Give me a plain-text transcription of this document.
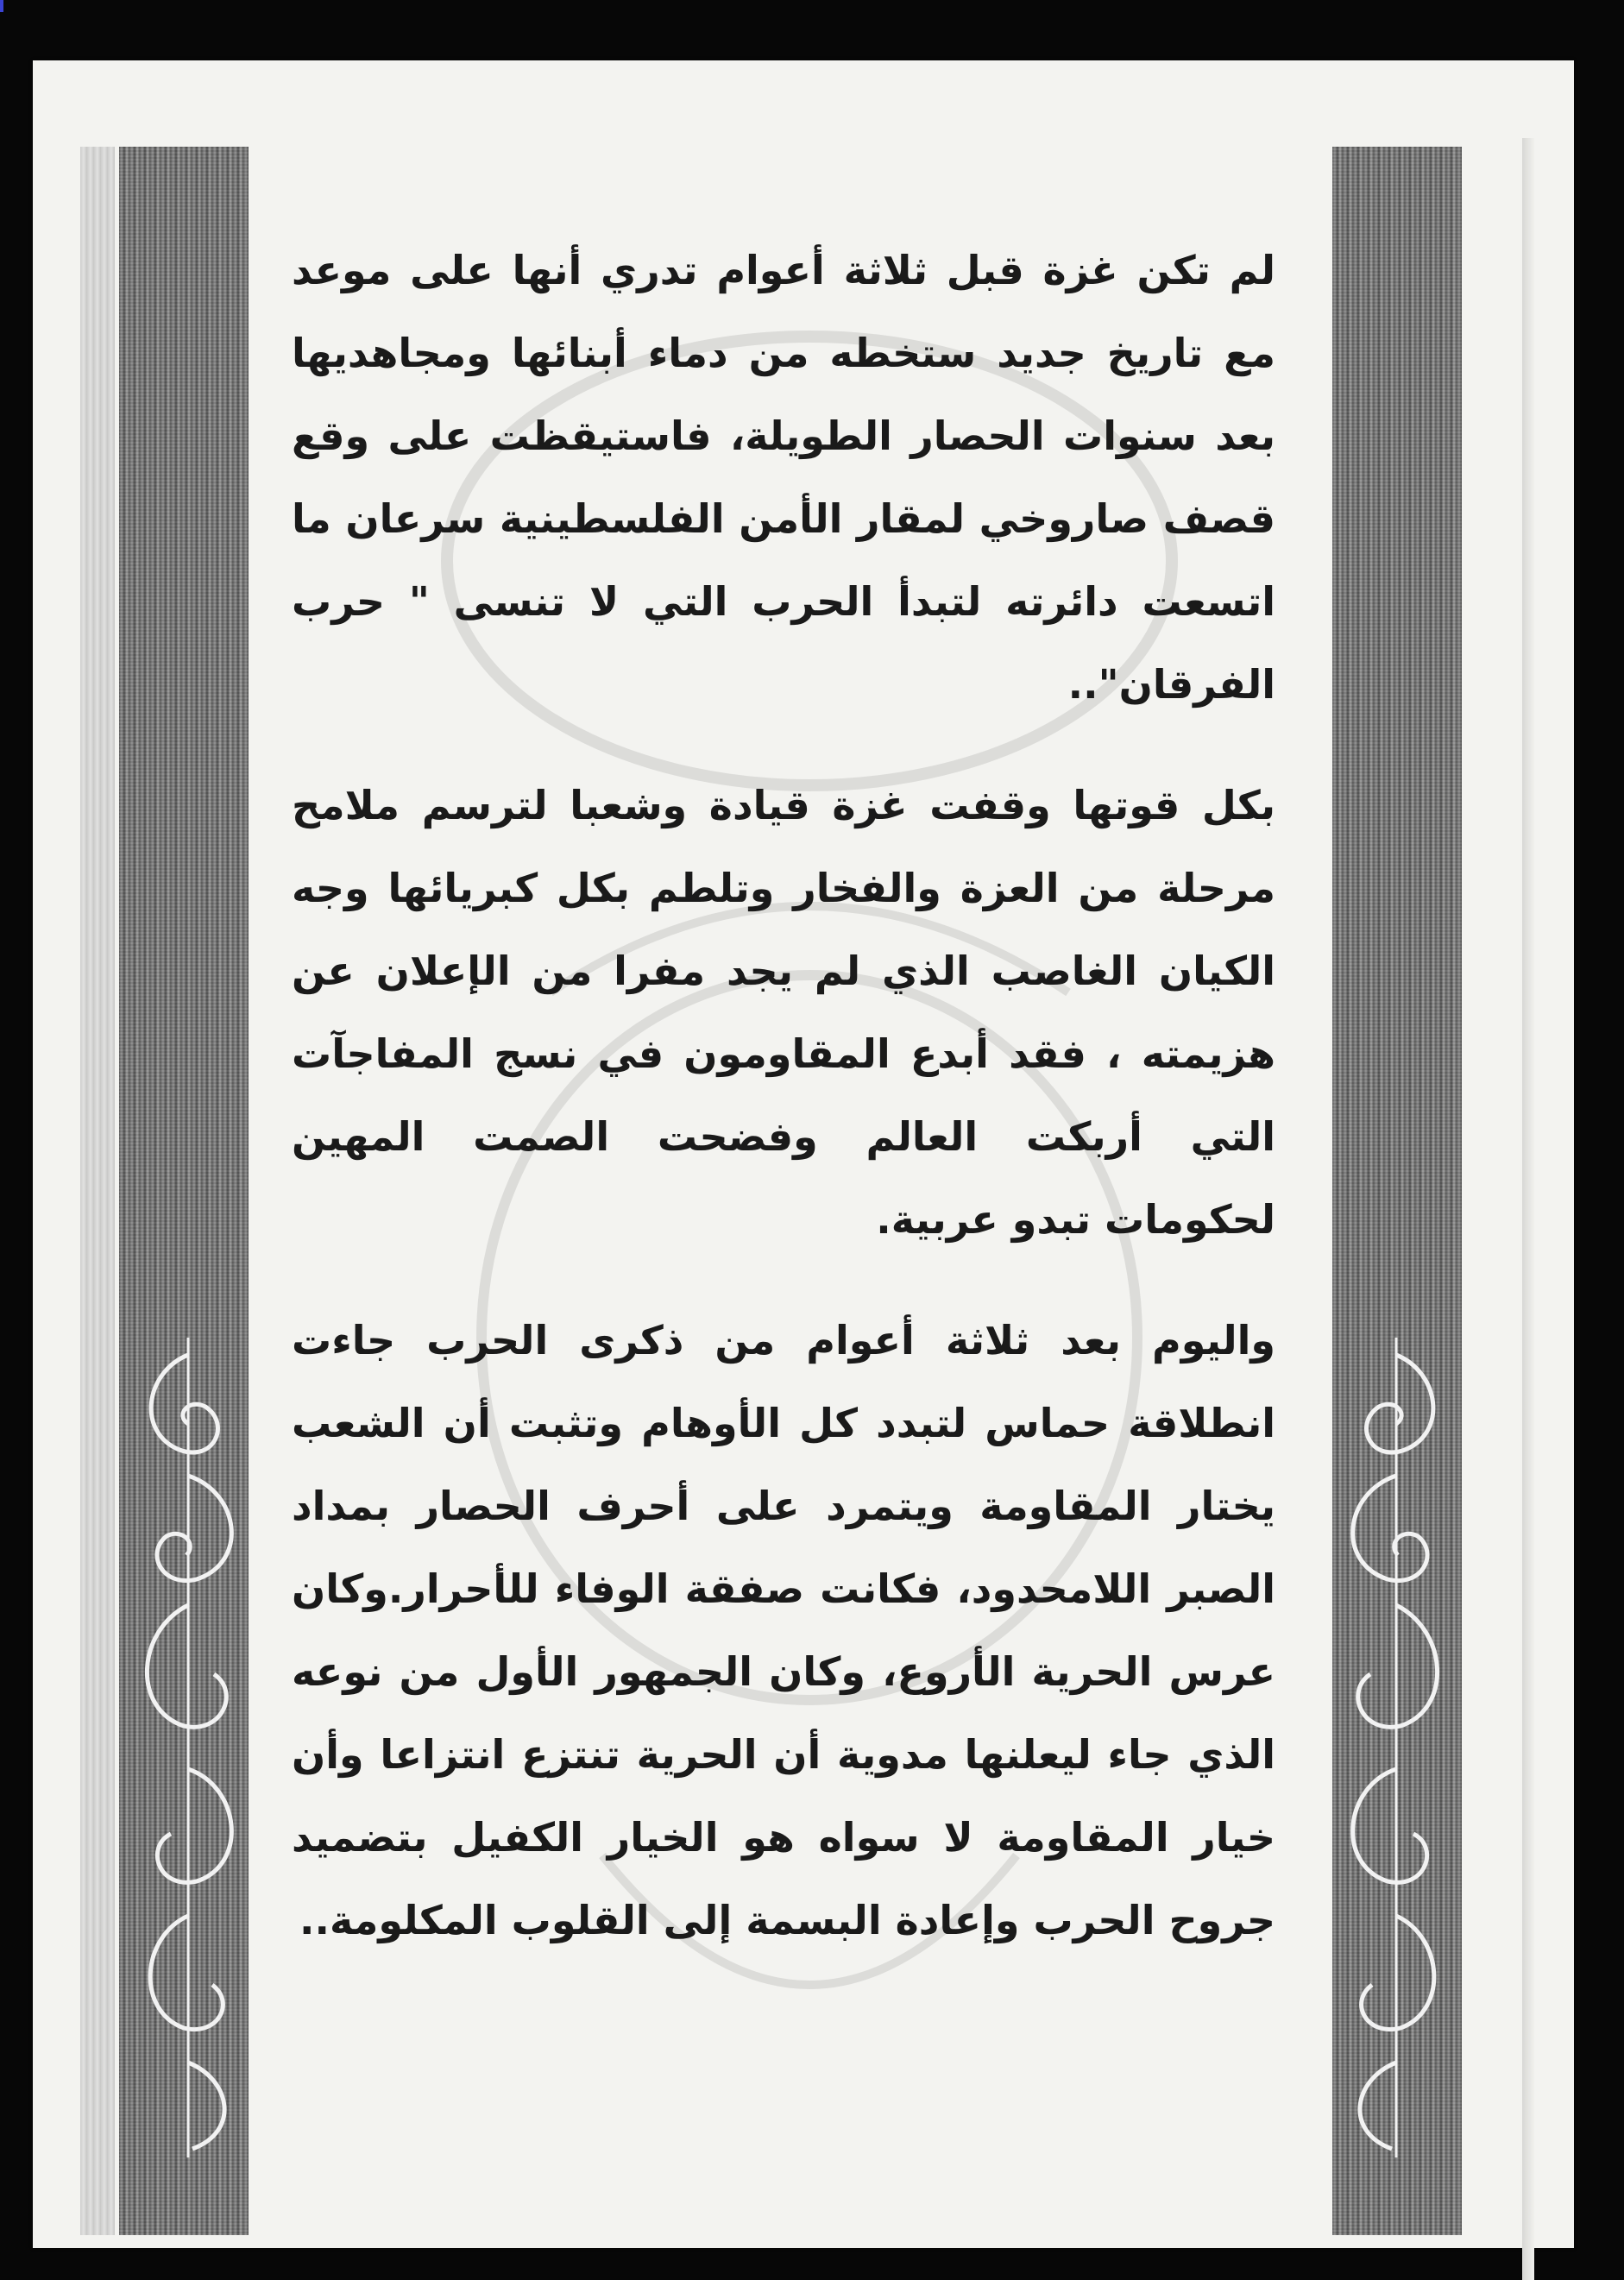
لم تكن غزة قبل ثلاثة أعوام تدري أنها على موعد مع تاريخ جديد ستخطه من دماء أبنائها ومجاهديها بعد سنوات الحصار الطويلة، فاستيقظت على وقع قصف صاروخي لمقار الأمن الفلسطينية سرعان ما اتسعت دائرته لتبدأ الحرب التي لا تنسى " حرب الفرقان"..

بكل قوتها وقفت غزة قيادة وشعبا لترسم ملامح مرحلة من العزة والفخار وتلطم بكل كبريائها وجه الكيان الغاصب الذي لم يجد مفرا من الإعلان عن هزيمته ، فقد أبدع المقاومون في نسج المفاجآت التي أربكت العالم وفضحت الصمت المهين لحكومات تبدو عربية.

واليوم بعد ثلاثة أعوام من ذكرى الحرب جاءت انطلاقة حماس لتبدد كل الأوهام وتثبت أن الشعب يختار المقاومة ويتمرد على أحرف الحصار بمداد الصبر اللامحدود، فكانت صفقة الوفاء للأحرار.وكان عرس الحرية الأروع، وكان الجمهور الأول من نوعه الذي جاء ليعلنها مدوية أن الحرية تنتزع انتزاعا وأن خيار المقاومة لا سواه هو الخيار الكفيل بتضميد جروح الحرب وإعادة البسمة إلى القلوب المكلومة..
